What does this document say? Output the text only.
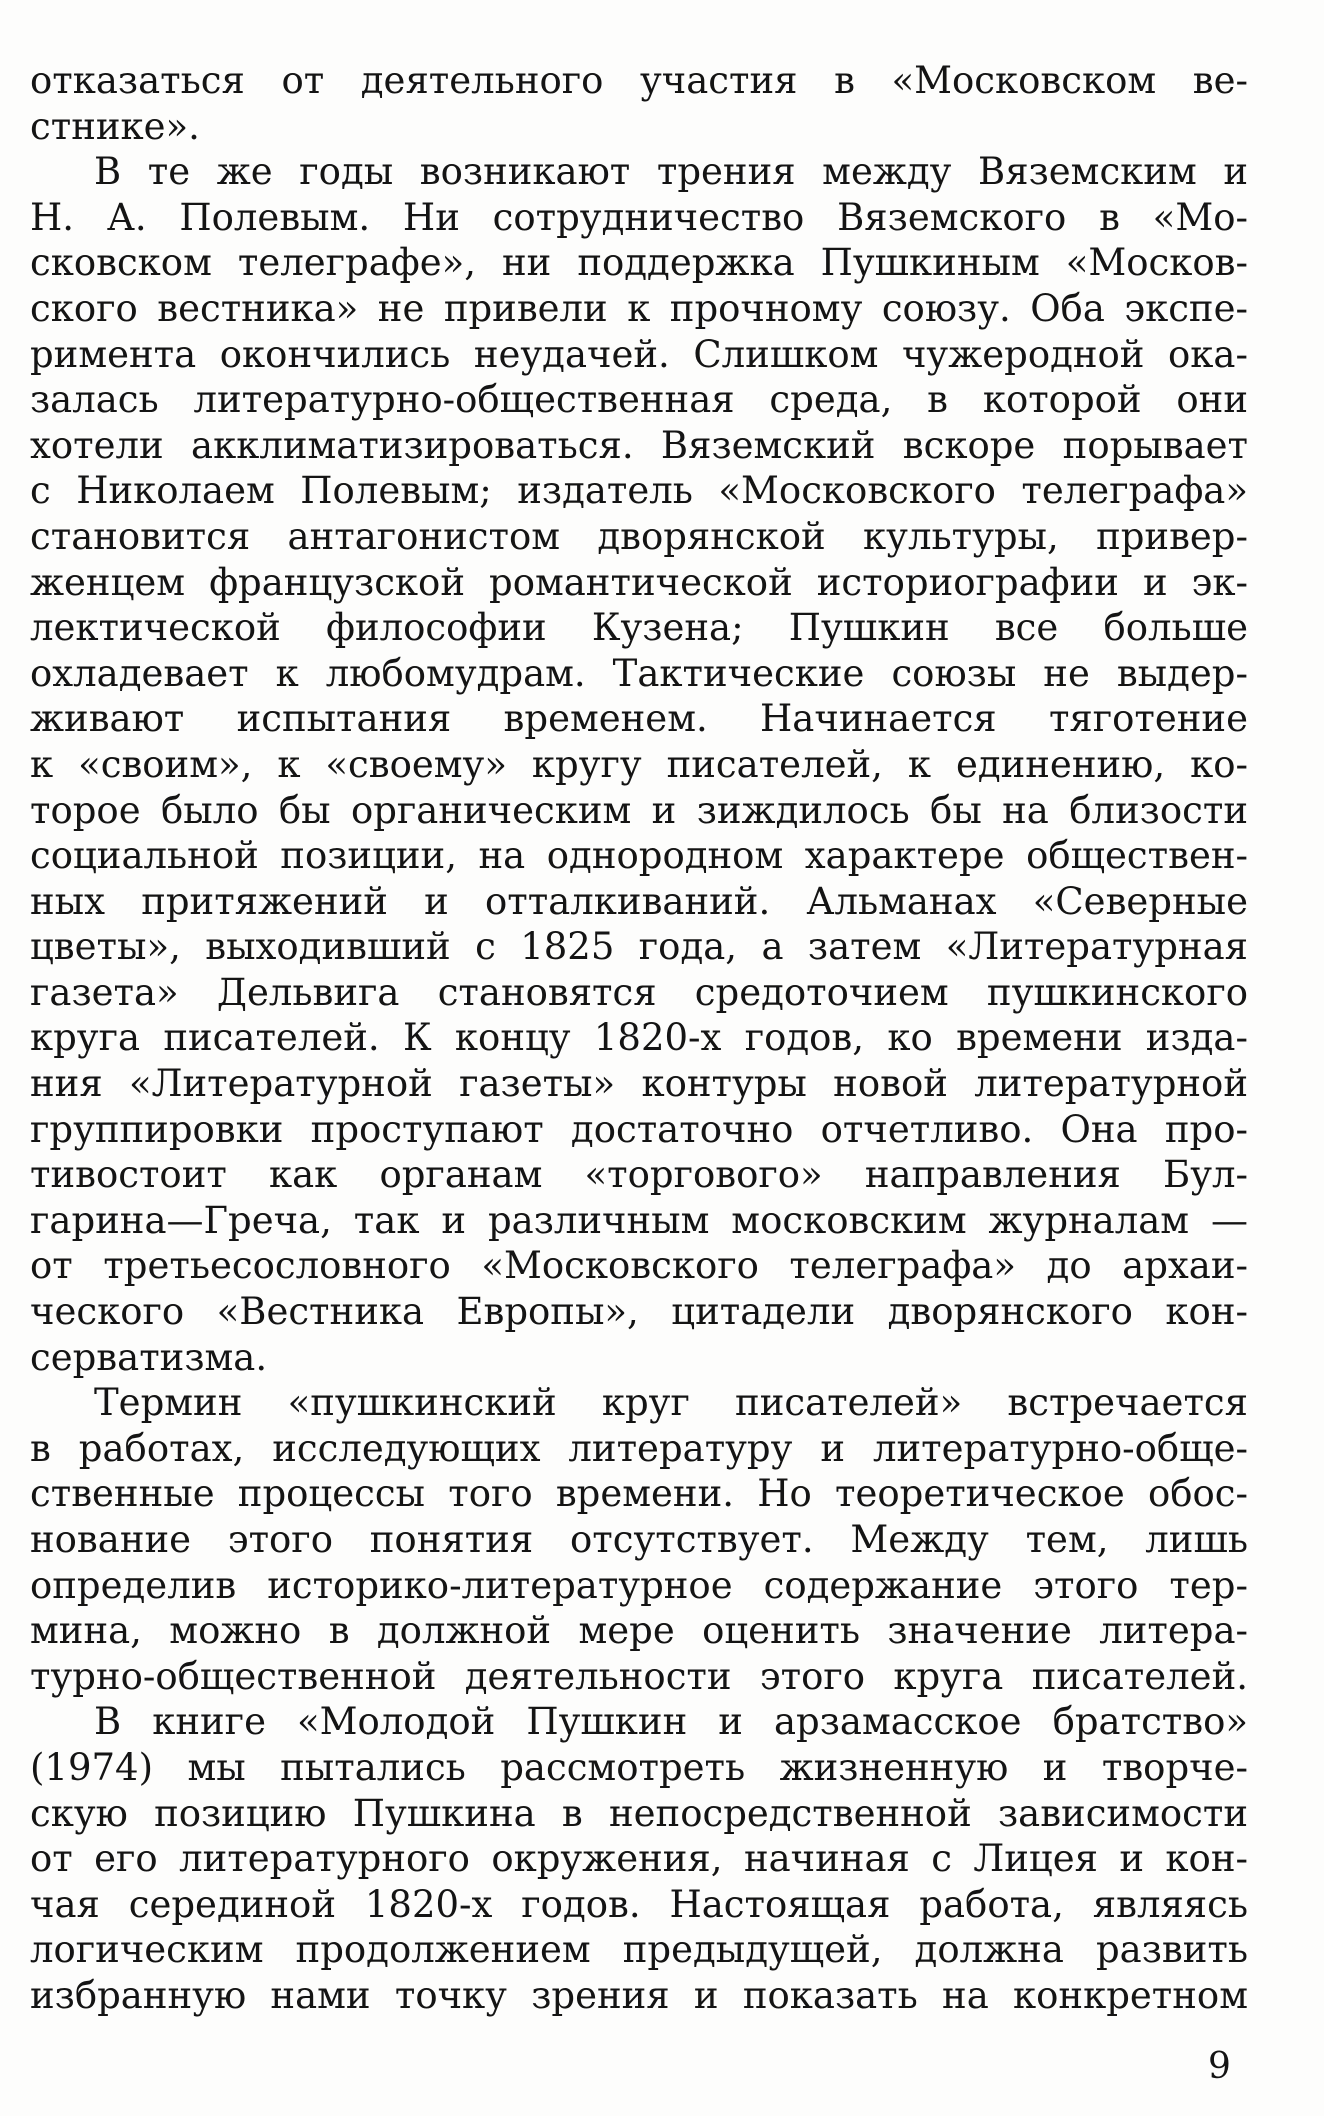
отказаться от деятельного участия в «Московском ве-
стнике».
В те же годы возникают трения между Вяземским и
Н. А. Полевым. Ни сотрудничество Вяземского в «Мо-
сковском телеграфе», ни поддержка Пушкиным «Москов-
ского вестника» не привели к прочному союзу. Оба экспе-
римента окончились неудачей. Слишком чужеродной ока-
залась литературно-общественная среда, в которой они
хотели акклиматизироваться. Вяземский вскоре порывает
с Николаем Полевым; издатель «Московского телеграфа»
становится антагонистом дворянской культуры, привер-
женцем французской романтической историографии и эк-
лектической философии Кузена; Пушкин все больше
охладевает к любомудрам. Тактические союзы не выдер-
живают испытания временем. Начинается тяготение
к «своим», к «своему» кругу писателей, к единению, ко-
торое было бы органическим и зиждилось бы на близости
социальной позиции, на однородном характере обществен-
ных притяжений и отталкиваний. Альманах «Северные
цветы», выходивший с 1825 года, а затем «Литературная
газета» Дельвига становятся средоточием пушкинского
круга писателей. К концу 1820-х годов, ко времени изда-
ния «Литературной газеты» контуры новой литературной
группировки проступают достаточно отчетливо. Она про-
тивостоит как органам «торгового» направления Бул-
гарина—Греча, так и различным московским журналам —
от третьесословного «Московского телеграфа» до архаи-
ческого «Вестника Европы», цитадели дворянского кон-
серватизма.
Термин «пушкинский круг писателей» встречается
в работах, исследующих литературу и литературно-обще-
ственные процессы того времени. Но теоретическое обос-
нование этого понятия отсутствует. Между тем, лишь
определив историко-литературное содержание этого тер-
мина, можно в должной мере оценить значение литера-
турно-общественной деятельности этого круга писателей.
В книге «Молодой Пушкин и арзамасское братство»
(1974) мы пытались рассмотреть жизненную и творче-
скую позицию Пушкина в непосредственной зависимости
от его литературного окружения, начиная с Лицея и кон-
чая серединой 1820-х годов. Настоящая работа, являясь
логическим продолжением предыдущей, должна развить
избранную нами точку зрения и показать на конкретном
9
